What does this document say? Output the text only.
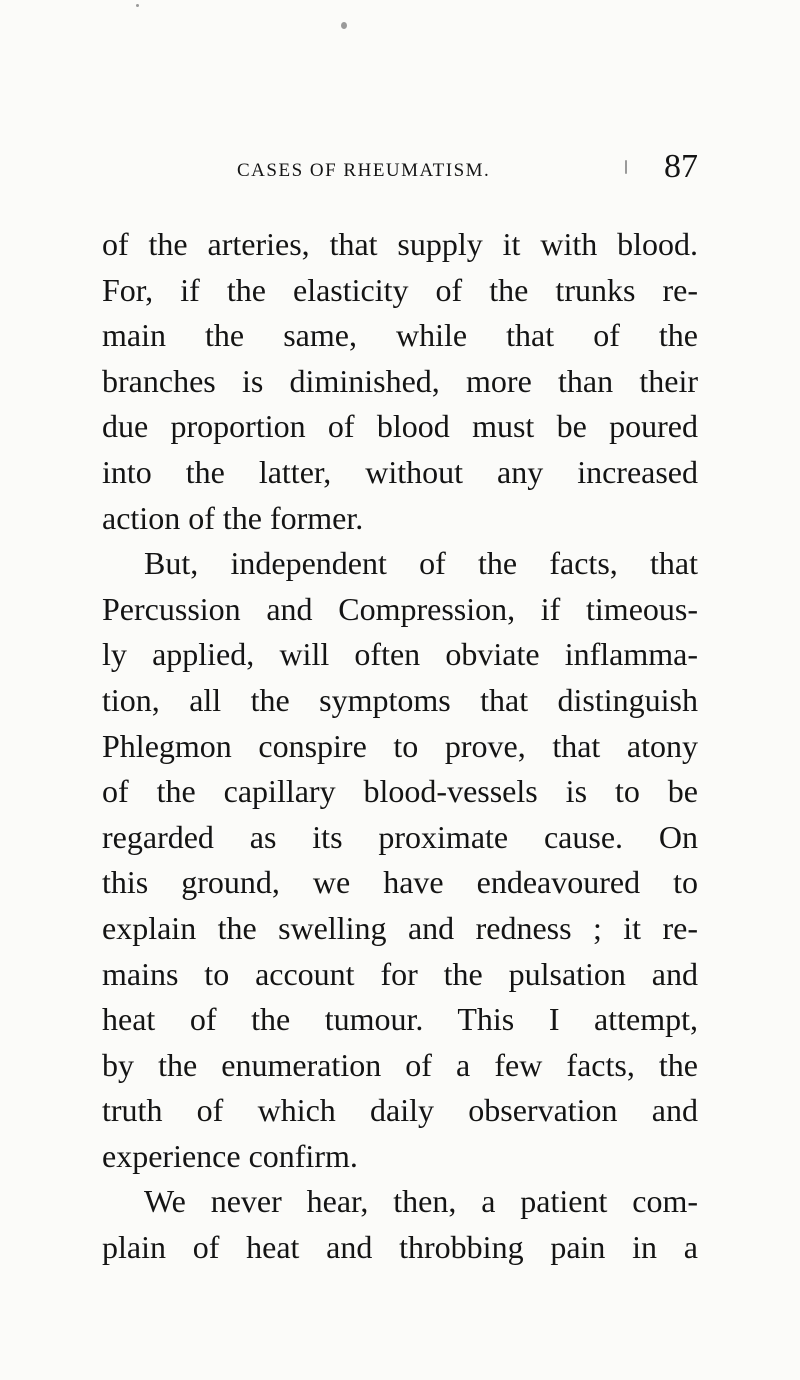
CASES OF RHEUMATISM.	87
of the arteries, that supply it with blood.
For, if the elasticity of the trunks re-
main the same, while that of the
branches is diminished, more than their
due proportion of blood must be poured
into the latter, without any increased
action of the former.
But, independent of the facts, that
Percussion and Compression, if timeous-
ly applied, will often obviate inflamma-
tion, all the symptoms that distinguish
Phlegmon conspire to prove, that atony
of the capillary blood-vessels is to be
regarded as its proximate cause. On
this ground, we have endeavoured to
explain the swelling and redness ; it re-
mains to account for the pulsation and
heat of the tumour. This I attempt,
by the enumeration of a few facts, the
truth of which daily observation and
experience confirm.
We never hear, then, a patient com-
plain of heat and throbbing pain in a
